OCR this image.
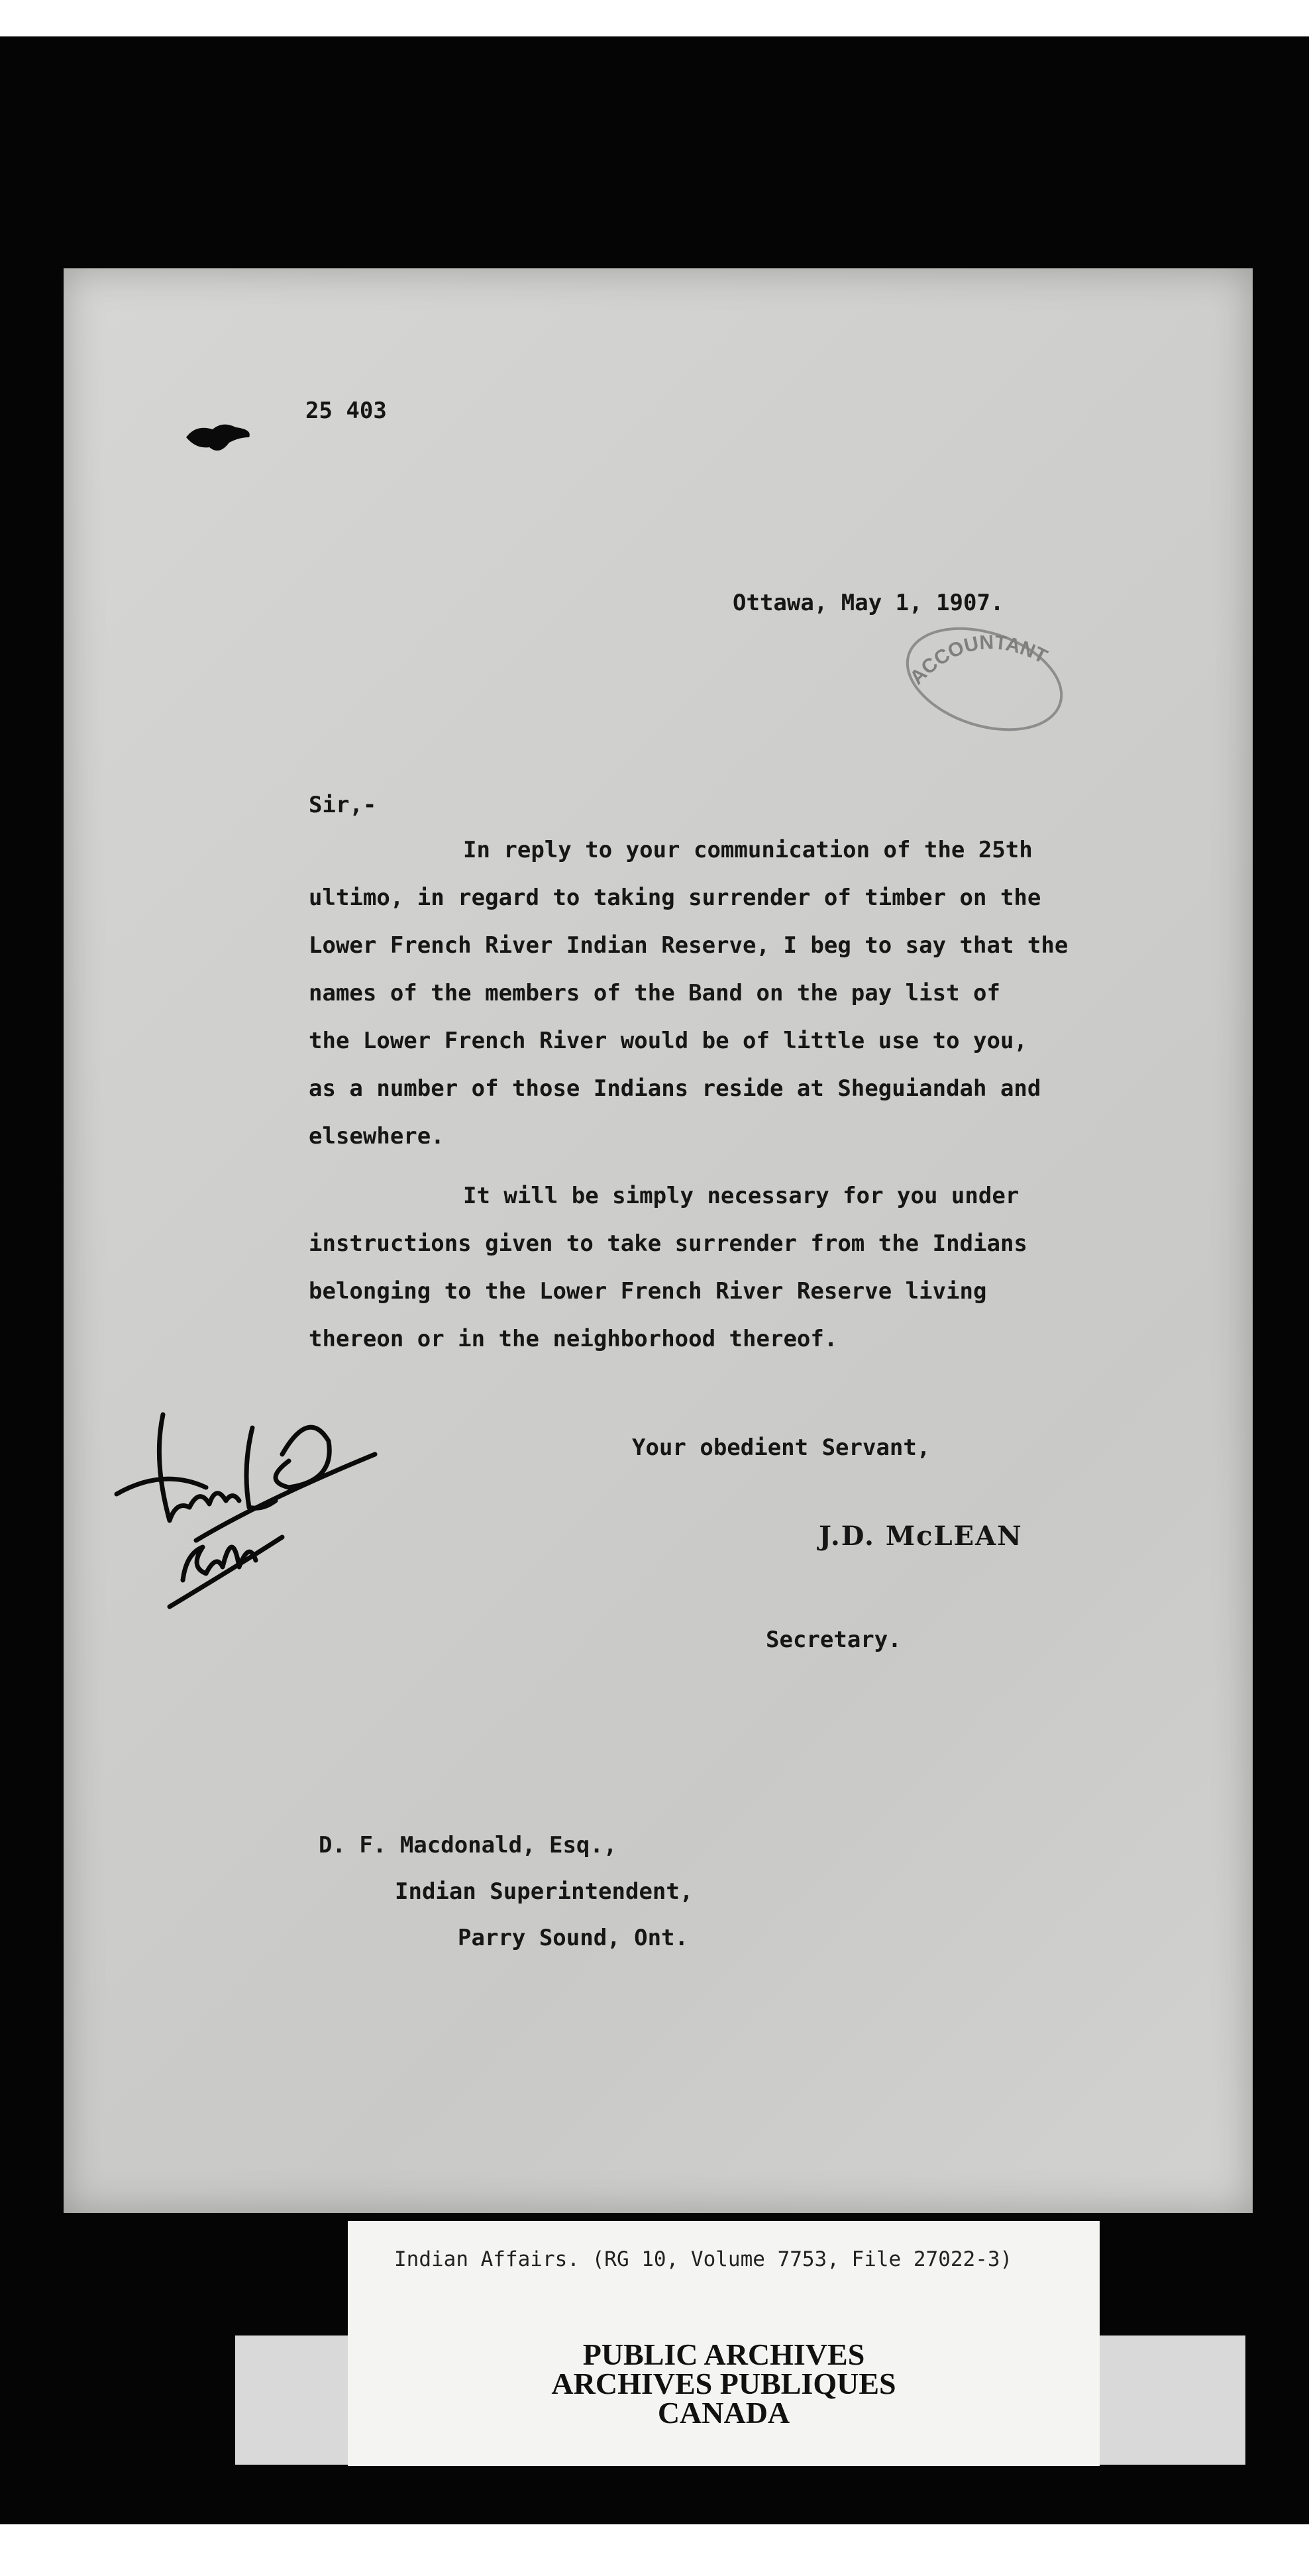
25 403
Ottawa, May 1, 1907.
ACCOUNTANT
Sir,-
In reply to your communication of the 25th
ultimo, in regard to taking surrender of timber on the
Lower French River Indian Reserve, I beg to say that the
names of the members of the Band on the pay list of
the Lower French River would be of little use to you,
as a number of those Indians reside at Sheguiandah and
elsewhere.
It will be simply necessary for you under
instructions given to take surrender from the Indians
belonging to the Lower French River Reserve living
thereon or in the neighborhood thereof.
Your obedient Servant,
J.D. McLEAN
Secretary.
D. F. Macdonald, Esq.,
Indian Superintendent,
Parry Sound, Ont.
Indian Affairs. (RG 10, Volume 7753, File 27022-3)
PUBLIC ARCHIVES
ARCHIVES PUBLIQUES
CANADA
